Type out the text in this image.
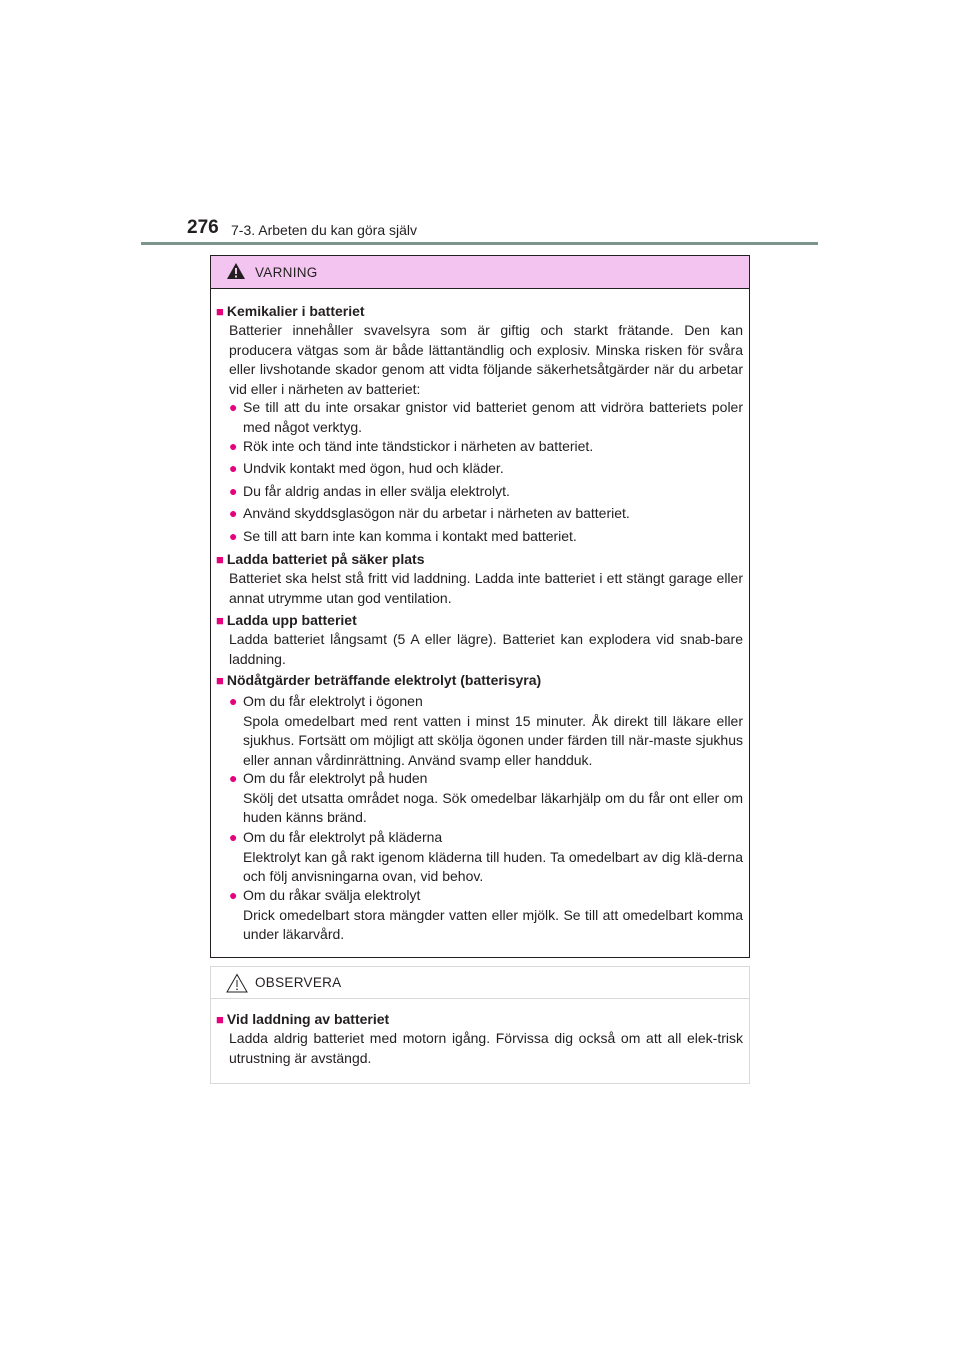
276 7-3. Arbeten du kan göra själv
VARNING
■ Kemikalier i batteriet
Batterier innehåller svavelsyra som är giftig och starkt frätande. Den kan producera vätgas som är både lättantändlig och explosiv. Minska risken för svåra eller livshotande skador genom att vidta följande säkerhetsåtgärder när du arbetar vid eller i närheten av batteriet:
● Se till att du inte orsakar gnistor vid batteriet genom att vidröra batteriets poler med något verktyg.
● Rök inte och tänd inte tändstickor i närheten av batteriet.
● Undvik kontakt med ögon, hud och kläder.
● Du får aldrig andas in eller svälja elektrolyt.
● Använd skyddsglasögon när du arbetar i närheten av batteriet.
● Se till att barn inte kan komma i kontakt med batteriet.
■ Ladda batteriet på säker plats
Batteriet ska helst stå fritt vid laddning. Ladda inte batteriet i ett stängt garage eller annat utrymme utan god ventilation.
■ Ladda upp batteriet
Ladda batteriet långsamt (5 A eller lägre). Batteriet kan explodera vid snab-bare laddning.
■ Nödåtgärder beträffande elektrolyt (batterisyra)
● Om du får elektrolyt i ögonen
Spola omedelbart med rent vatten i minst 15 minuter. Åk direkt till läkare eller sjukhus. Fortsätt om möjligt att skölja ögonen under färden till när-maste sjukhus eller annan vårdinrättning. Använd svamp eller handduk.
● Om du får elektrolyt på huden
Skölj det utsatta området noga. Sök omedelbar läkarhjälp om du får ont eller om huden känns bränd.
● Om du får elektrolyt på kläderna
Elektrolyt kan gå rakt igenom kläderna till huden. Ta omedelbart av dig klä-derna och följ anvisningarna ovan, vid behov.
● Om du råkar svälja elektrolyt
Drick omedelbart stora mängder vatten eller mjölk. Se till att omedelbart komma under läkarvård.
OBSERVERA
■ Vid laddning av batteriet
Ladda aldrig batteriet med motorn igång. Förvissa dig också om att all elek-trisk utrustning är avstängd.
